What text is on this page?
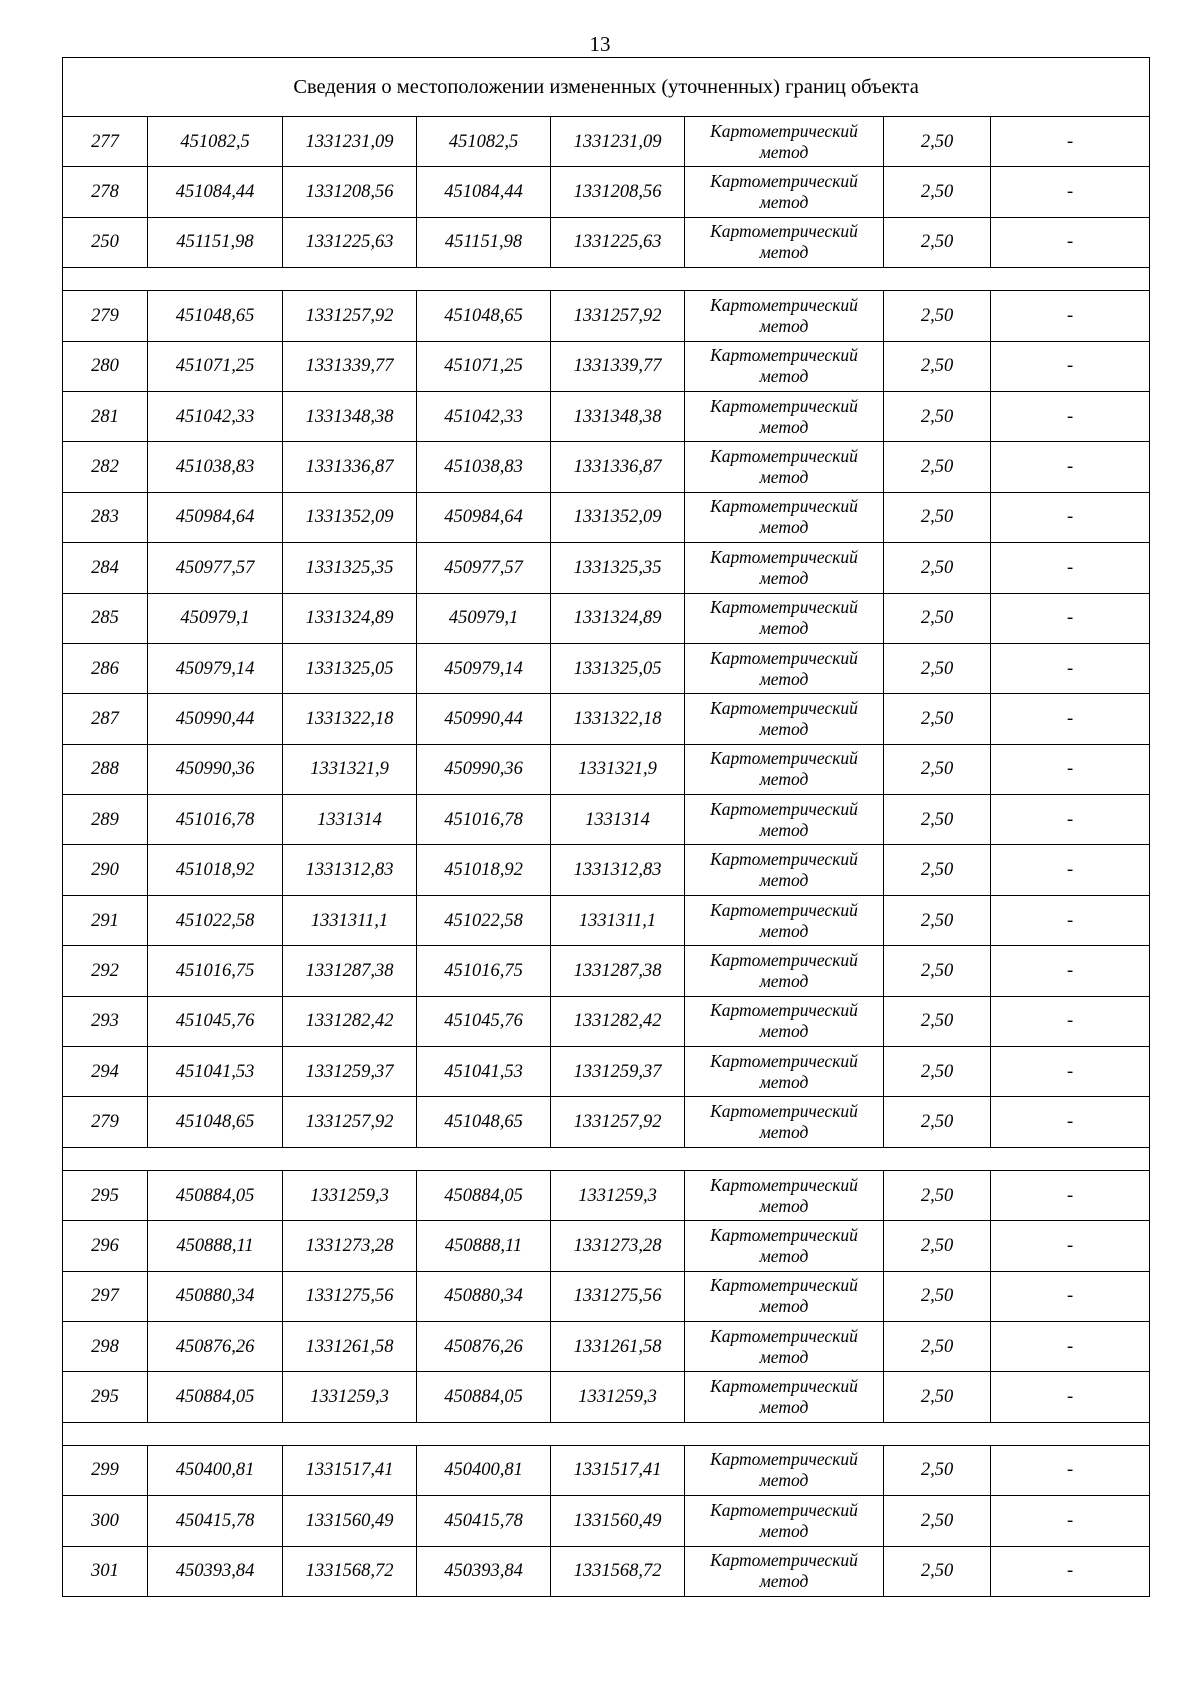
13
Сведения о местоположении измененных (уточненных) границ объекта							
277	451082,5	1331231,09	451082,5	1331231,09	Картометрический метод	2,50	-
278	451084,44	1331208,56	451084,44	1331208,56	Картометрический метод	2,50	-
250	451151,98	1331225,63	451151,98	1331225,63	Картометрический метод	2,50	-

279	451048,65	1331257,92	451048,65	1331257,92	Картометрический метод	2,50	-
280	451071,25	1331339,77	451071,25	1331339,77	Картометрический метод	2,50	-
281	451042,33	1331348,38	451042,33	1331348,38	Картометрический метод	2,50	-
282	451038,83	1331336,87	451038,83	1331336,87	Картометрический метод	2,50	-
283	450984,64	1331352,09	450984,64	1331352,09	Картометрический метод	2,50	-
284	450977,57	1331325,35	450977,57	1331325,35	Картометрический метод	2,50	-
285	450979,1	1331324,89	450979,1	1331324,89	Картометрический метод	2,50	-
286	450979,14	1331325,05	450979,14	1331325,05	Картометрический метод	2,50	-
287	450990,44	1331322,18	450990,44	1331322,18	Картометрический метод	2,50	-
288	450990,36	1331321,9	450990,36	1331321,9	Картометрический метод	2,50	-
289	451016,78	1331314	451016,78	1331314	Картометрический метод	2,50	-
290	451018,92	1331312,83	451018,92	1331312,83	Картометрический метод	2,50	-
291	451022,58	1331311,1	451022,58	1331311,1	Картометрический метод	2,50	-
292	451016,75	1331287,38	451016,75	1331287,38	Картометрический метод	2,50	-
293	451045,76	1331282,42	451045,76	1331282,42	Картометрический метод	2,50	-
294	451041,53	1331259,37	451041,53	1331259,37	Картометрический метод	2,50	-
279	451048,65	1331257,92	451048,65	1331257,92	Картометрический метод	2,50	-

295	450884,05	1331259,3	450884,05	1331259,3	Картометрический метод	2,50	-
296	450888,11	1331273,28	450888,11	1331273,28	Картометрический метод	2,50	-
297	450880,34	1331275,56	450880,34	1331275,56	Картометрический метод	2,50	-
298	450876,26	1331261,58	450876,26	1331261,58	Картометрический метод	2,50	-
295	450884,05	1331259,3	450884,05	1331259,3	Картометрический метод	2,50	-

299	450400,81	1331517,41	450400,81	1331517,41	Картометрический метод	2,50	-
300	450415,78	1331560,49	450415,78	1331560,49	Картометрический метод	2,50	-
301	450393,84	1331568,72	450393,84	1331568,72	Картометрический метод	2,50	-
